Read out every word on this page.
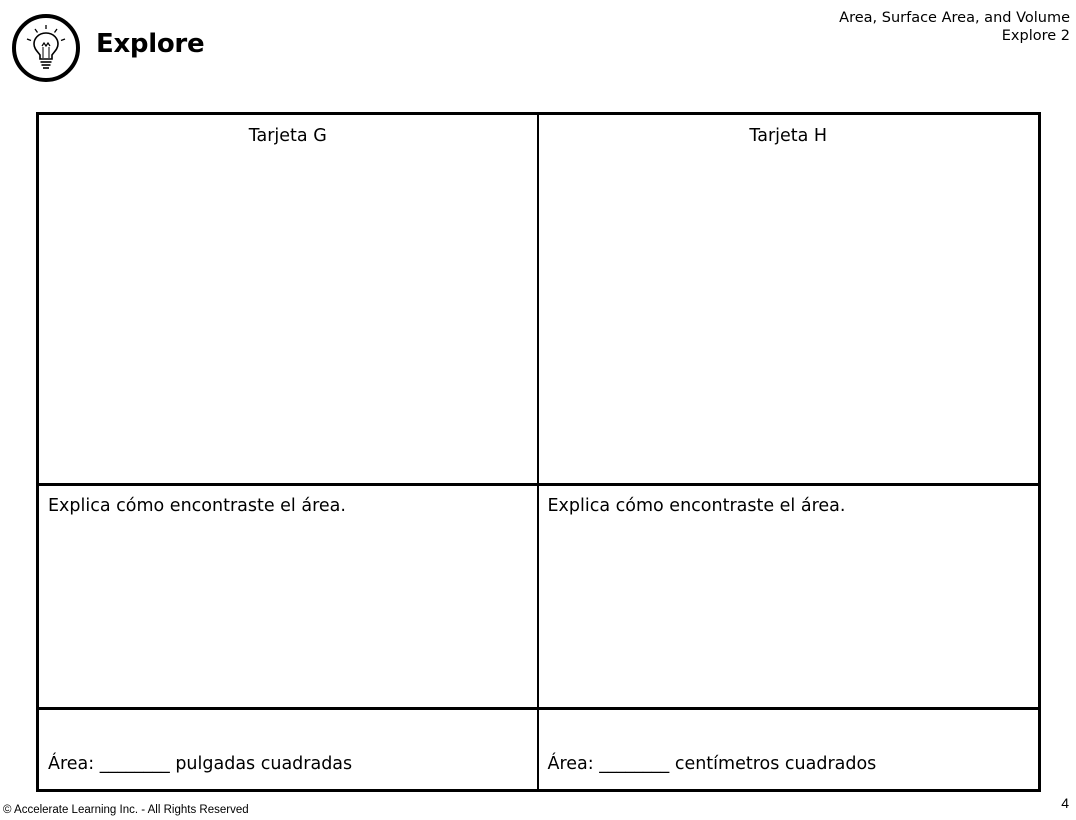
Explore
Area, Surface Area, and Volume
Explore 2
Tarjeta G	Tarjeta H
Explica cómo encontraste el área.	Explica cómo encontraste el área.
Área: ________ pulgadas cuadradas	Área: ________ centímetros cuadrados
© Accelerate Learning Inc. - All Rights Reserved	4
